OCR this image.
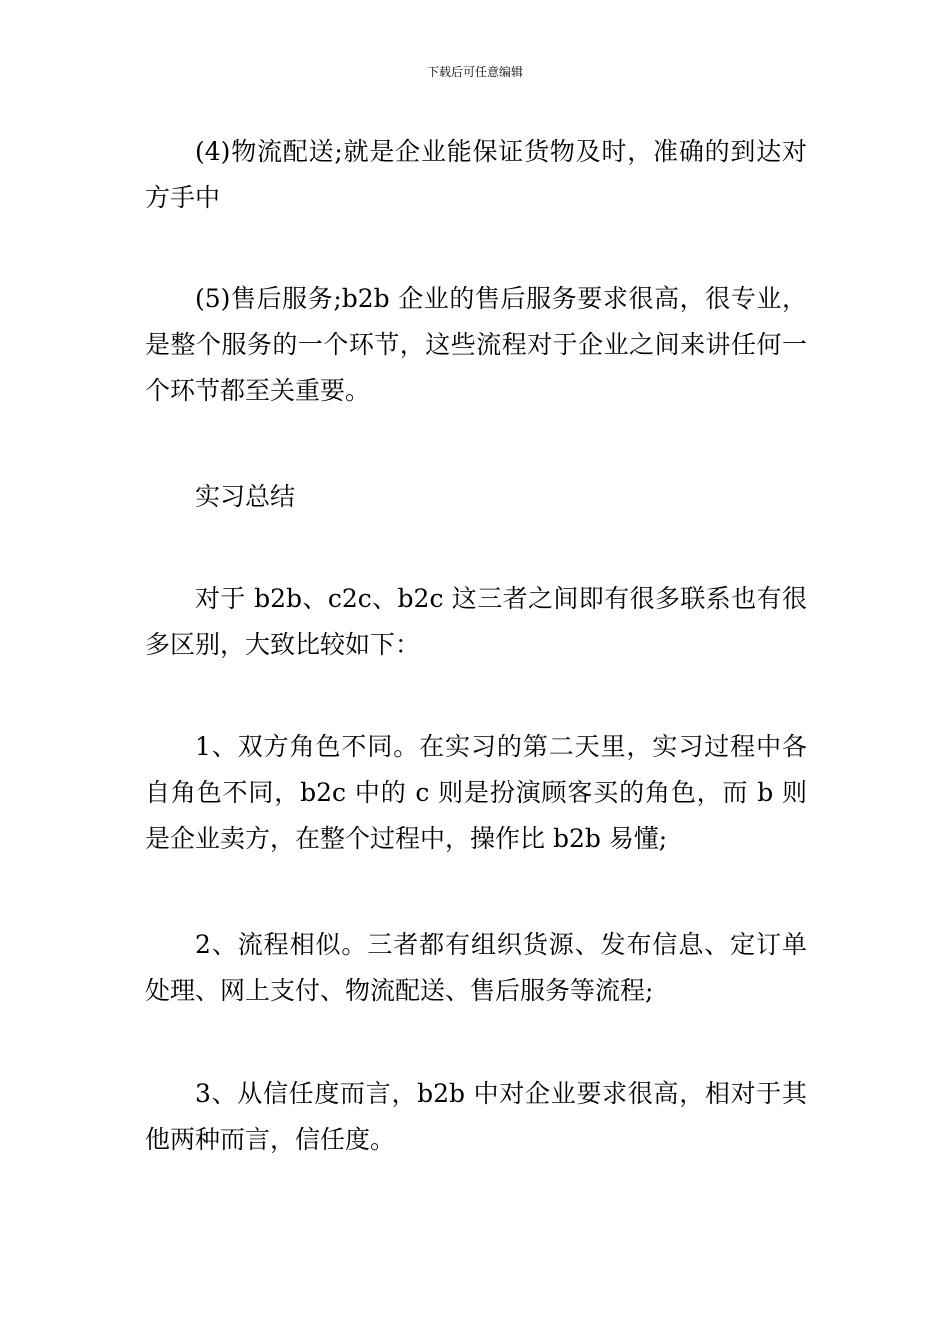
下载后可任意编辑

(4)物流配送;就是企业能保证货物及时，准确的到达对方手中

(5)售后服务;b2b 企业的售后服务要求很高，很专业，是整个服务的一个环节，这些流程对于企业之间来讲任何一个环节都至关重要。

实习总结

对于 b2b、c2c、b2c 这三者之间即有很多联系也有很多区别，大致比较如下：

1、双方角色不同。在实习的第二天里，实习过程中各自角色不同，b2c 中的 c 则是扮演顾客买的角色，而 b 则是企业卖方，在整个过程中，操作比 b2b 易懂;

2、流程相似。三者都有组织货源、发布信息、定订单处理、网上支付、物流配送、售后服务等流程;

3、从信任度而言，b2b 中对企业要求很高，相对于其他两种而言，信任度。
